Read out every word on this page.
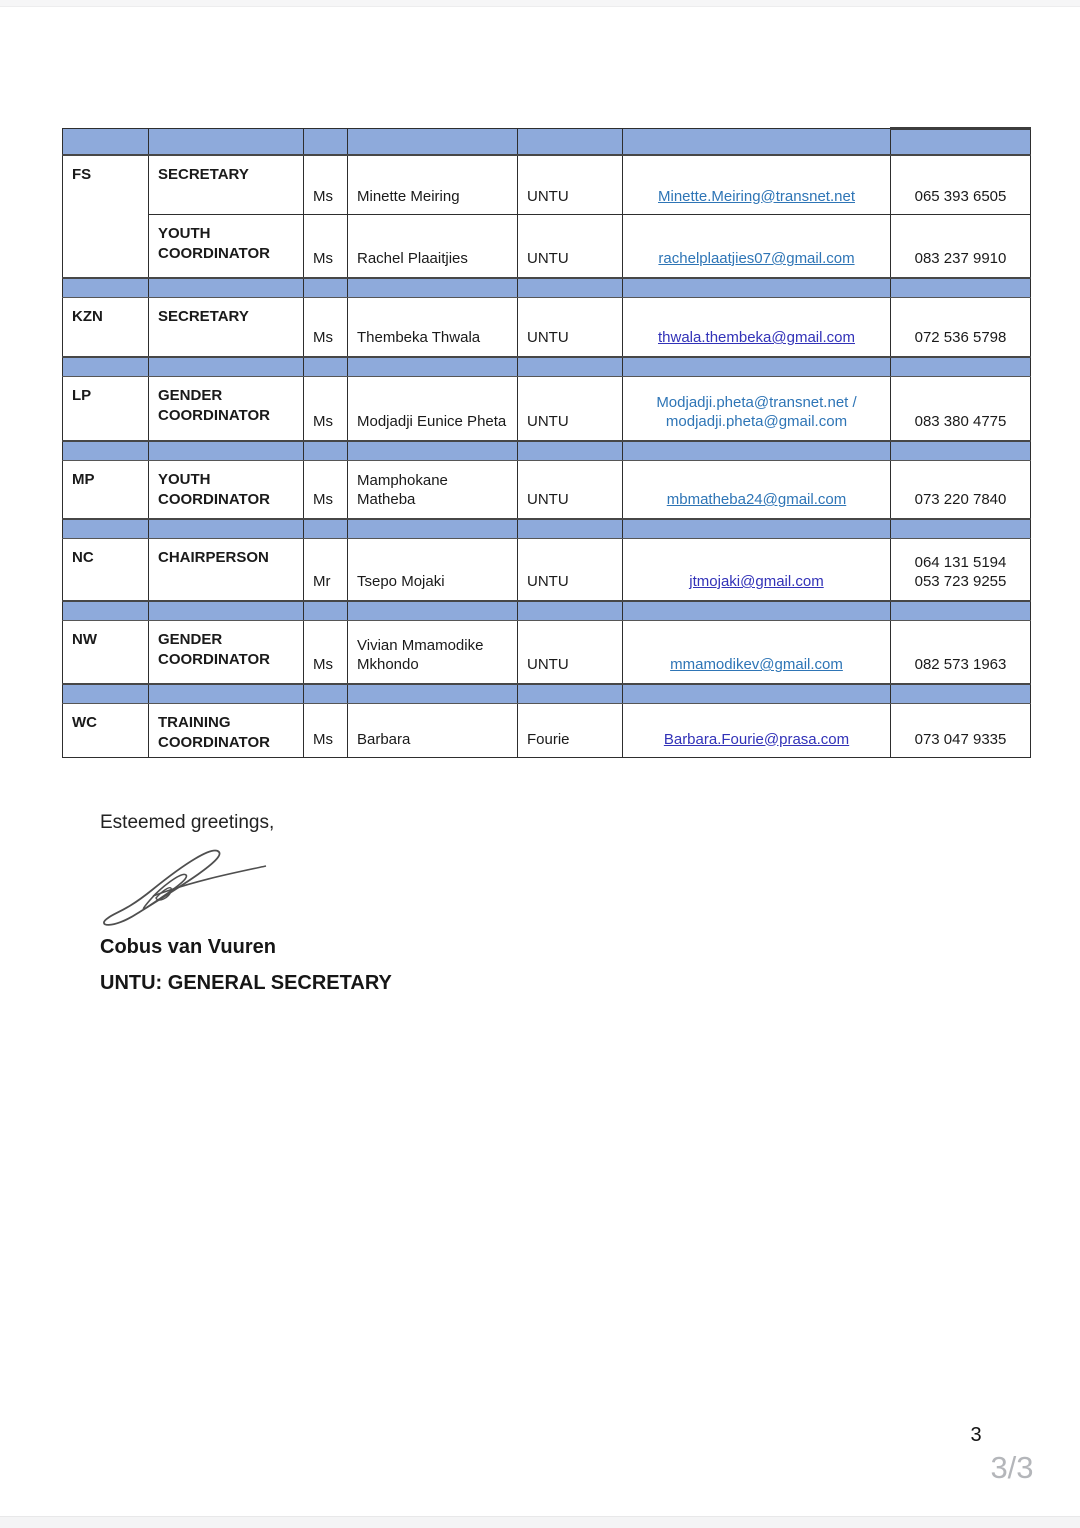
FS	SECRETARY	Ms	Minette Meiring	UNTU	Minette.Meiring@transnet.net	065 393 6505
	YOUTH
COORDINATOR	Ms	Rachel Plaaitjies	UNTU	rachelplaatjies07@gmail.com	083 237 9910

KZN	SECRETARY	Ms	Thembeka Thwala	UNTU	thwala.thembeka@gmail.com	072 536 5798

LP	GENDER
COORDINATOR	Ms	Modjadji Eunice Pheta	UNTU	Modjadji.pheta@transnet.net /
modjadji.pheta@gmail.com	083 380 4775

MP	YOUTH
COORDINATOR	Ms	Mamphokane
Matheba	UNTU	mbmatheba24@gmail.com	073 220 7840

NC	CHAIRPERSON	Mr	Tsepo Mojaki	UNTU	jtmojaki@gmail.com	064 131 5194
053 723 9255

NW	GENDER
COORDINATOR	Ms	Vivian Mmamodike
Mkhondo	UNTU	mmamodikev@gmail.com	082 573 1963

WC	TRAINING
COORDINATOR	Ms	Barbara	Fourie	Barbara.Fourie@prasa.com	073 047 9335
Esteemed greetings,
Cobus van Vuuren
UNTU: GENERAL SECRETARY
3
3/3
